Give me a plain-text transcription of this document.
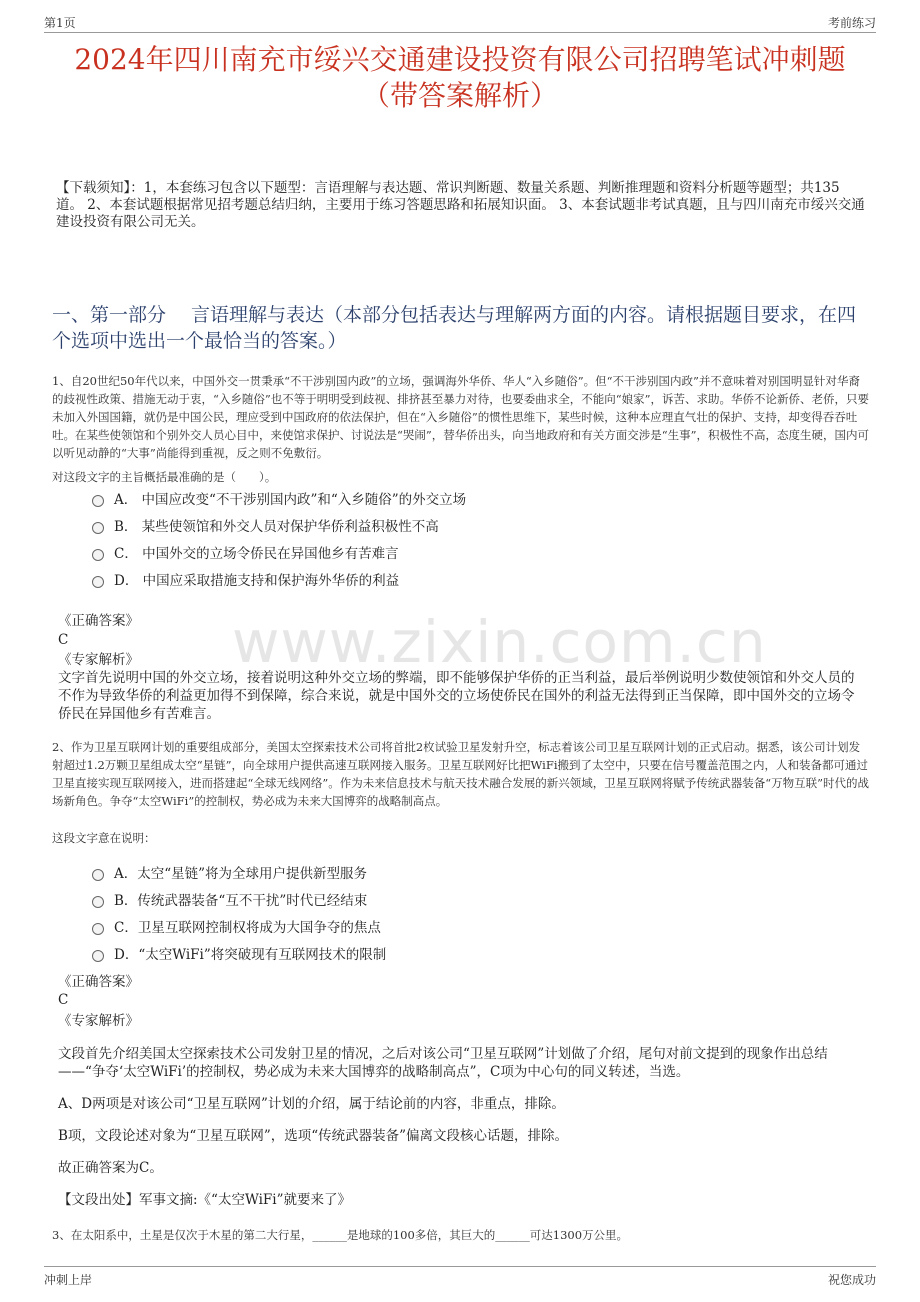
第1页	考前练习
2024年四川南充市绥兴交通建设投资有限公司招聘笔试冲刺题
（带答案解析）
【下载须知】：1，本套练习包含以下题型：言语理解与表达题、常识判断题、数量关系题、判断推理题和资料分析题等题型；共135道。 2、本套试题根据常见招考题总结归纳，主要用于练习答题思路和拓展知识面。 3、本套试题非考试真题，且与四川南充市绥兴交通建设投资有限公司无关。
一、第一部分　 言语理解与表达（本部分包括表达与理解两方面的内容。请根据题目要求，在四个选项中选出一个最恰当的答案。）
1、自20世纪50年代以来，中国外交一贯秉承“不干涉别国内政”的立场，强调海外华侨、华人“入乡随俗”。但“不干涉别国内政”并不意味着对别国明显针对华裔的歧视性政策、措施无动于衷，“入乡随俗”也不等于明明受到歧视、排挤甚至暴力对待，也要委曲求全，不能向“娘家”，诉苦、求助。华侨不论新侨、老侨，只要未加入外国国籍，就仍是中国公民，理应受到中国政府的依法保护，但在“入乡随俗”的惯性思维下，某些时候，这种本应理直气壮的保护、支持，却变得吞吞吐吐。在某些使领馆和个别外交人员心目中，来使馆求保护、讨说法是“哭闹”，替华侨出头，向当地政府和有关方面交涉是“生事”，积极性不高，态度生硬，国内可以听见动静的“大事”尚能得到重视，反之则不免敷衍。
对这段文字的主旨概括最准确的是（　　）。
A． 中国应改变“不干涉别国内政”和“入乡随俗”的外交立场
B． 某些使领馆和外交人员对保护华侨利益积极性不高
C． 中国外交的立场令侨民在异国他乡有苦难言
D． 中国应采取措施支持和保护海外华侨的利益
www.zixin.com.cn
《正确答案》
C
《专家解析》
文字首先说明中国的外交立场，接着说明这种外交立场的弊端，即不能够保护华侨的正当利益，最后举例说明少数使领馆和外交人员的不作为导致华侨的利益更加得不到保障，综合来说，就是中国外交的立场使侨民在国外的利益无法得到正当保障，即中国外交的立场令侨民在异国他乡有苦难言。
2、作为卫星互联网计划的重要组成部分，美国太空探索技术公司将首批2枚试验卫星发射升空，标志着该公司卫星互联网计划的正式启动。据悉，该公司计划发射超过1.2万颗卫星组成太空“星链”，向全球用户提供高速互联网接入服务。卫星互联网好比把WiFi搬到了太空中，只要在信号覆盖范围之内，人和装备都可通过卫星直接实现互联网接入，进而搭建起“全球无线网络”。作为未来信息技术与航天技术融合发展的新兴领域，卫星互联网将赋予传统武器装备“万物互联”时代的战场新角色。争夺“太空WiFi”的控制权，势必成为未来大国博弈的战略制高点。
这段文字意在说明：
A．太空“星链”将为全球用户提供新型服务
B．传统武器装备“互不干扰”时代已经结束
C．卫星互联网控制权将成为大国争夺的焦点
D．“太空WiFi”将突破现有互联网技术的限制
《正确答案》
C
《专家解析》
文段首先介绍美国太空探索技术公司发射卫星的情况，之后对该公司“卫星互联网”计划做了介绍，尾句对前文提到的现象作出总结——“争夺‘太空WiFi’的控制权，势必成为未来大国博弈的战略制高点”，C项为中心句的同义转述，当选。
A、D两项是对该公司“卫星互联网”计划的介绍，属于结论前的内容，非重点，排除。
B项，文段论述对象为“卫星互联网”，选项“传统武器装备”偏离文段核心话题，排除。
故正确答案为C。
【文段出处】军事文摘:《“太空WiFi”就要来了》
3、在太阳系中，土星是仅次于木星的第二大行星，______是地球的100多倍，其巨大的______可达1300万公里。
冲刺上岸	祝您成功
